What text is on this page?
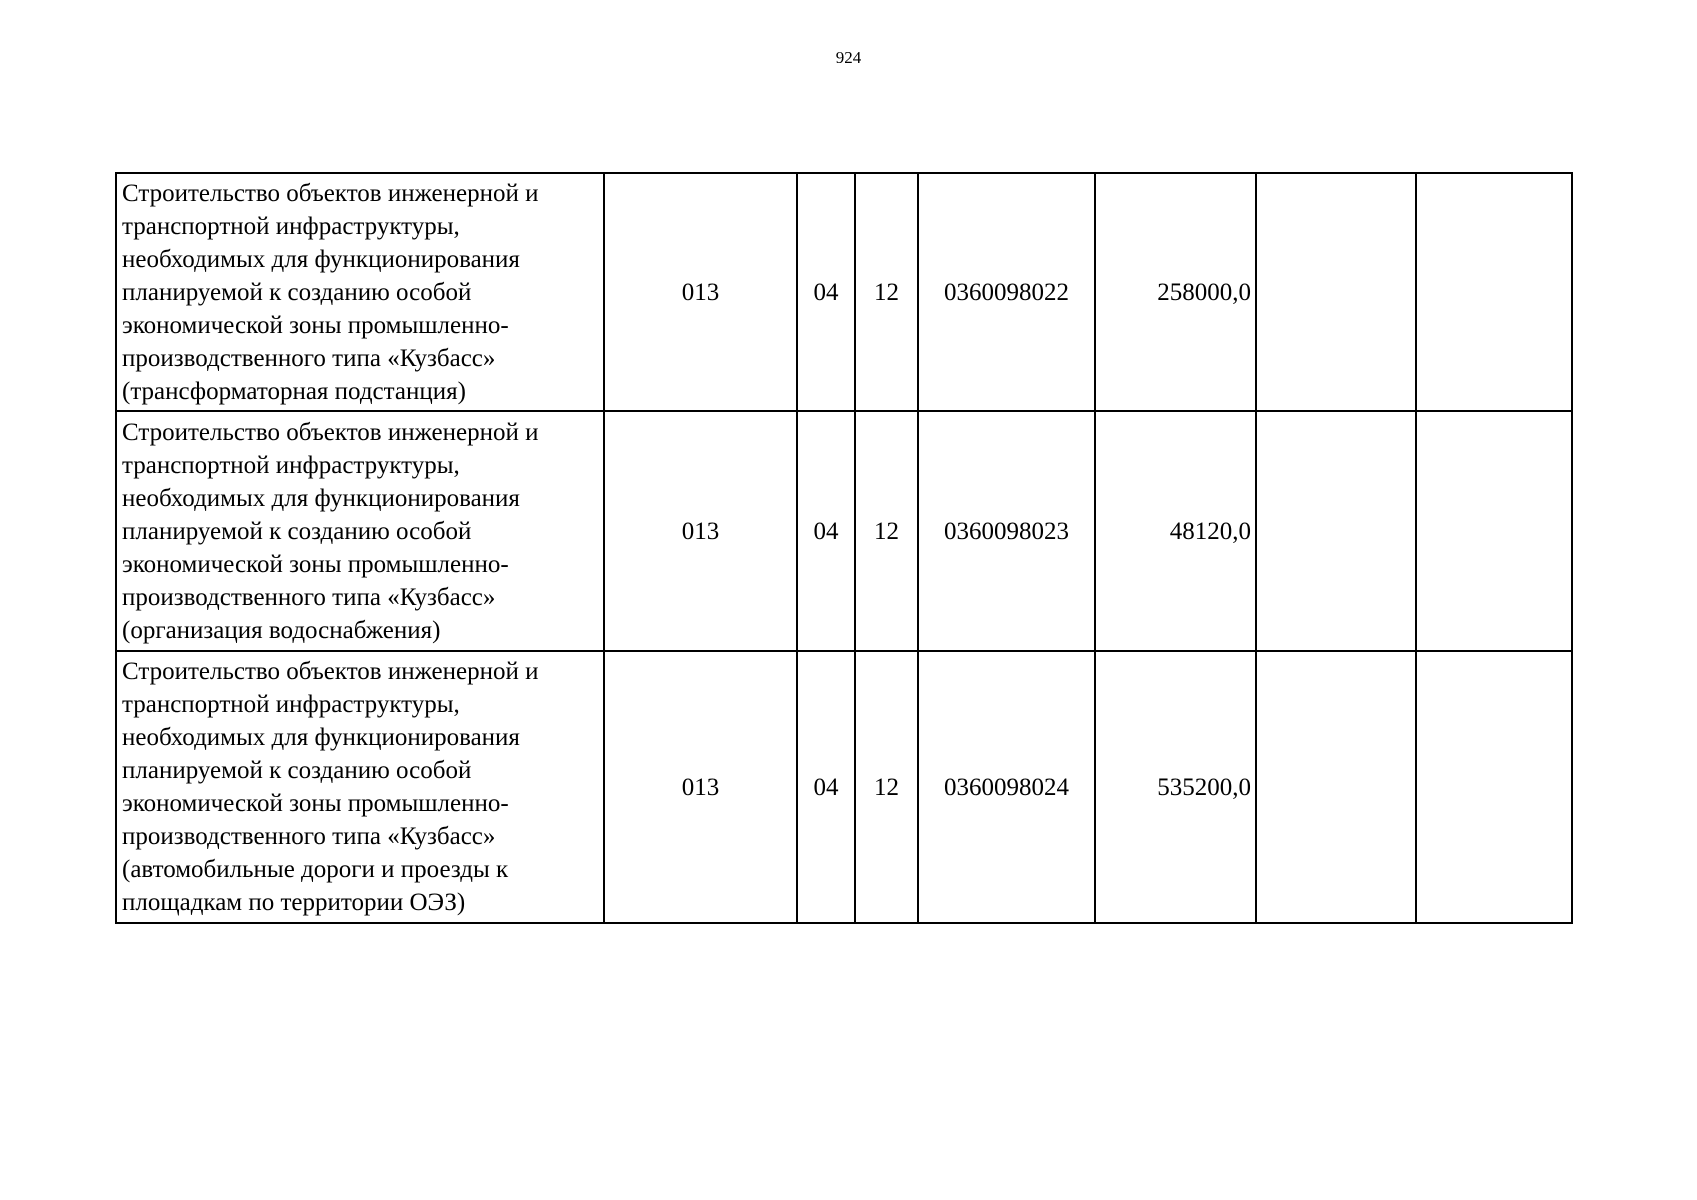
924
Строительство объектов инженерной и транспортной инфраструктуры, необходимых для функционирования планируемой к созданию особой экономической зоны промышленно-производственного типа «Кузбасс» (трансформаторная подстанция)	013	04	12	0360098022	258000,0		
Строительство объектов инженерной и транспортной инфраструктуры, необходимых для функционирования планируемой к созданию особой экономической зоны промышленно-производственного типа «Кузбасс» (организация водоснабжения)	013	04	12	0360098023	48120,0		
Строительство объектов инженерной и транспортной инфраструктуры, необходимых для функционирования планируемой к созданию особой экономической зоны промышленно-производственного типа «Кузбасс» (автомобильные дороги и проезды к площадкам по территории ОЭЗ)	013	04	12	0360098024	535200,0		
